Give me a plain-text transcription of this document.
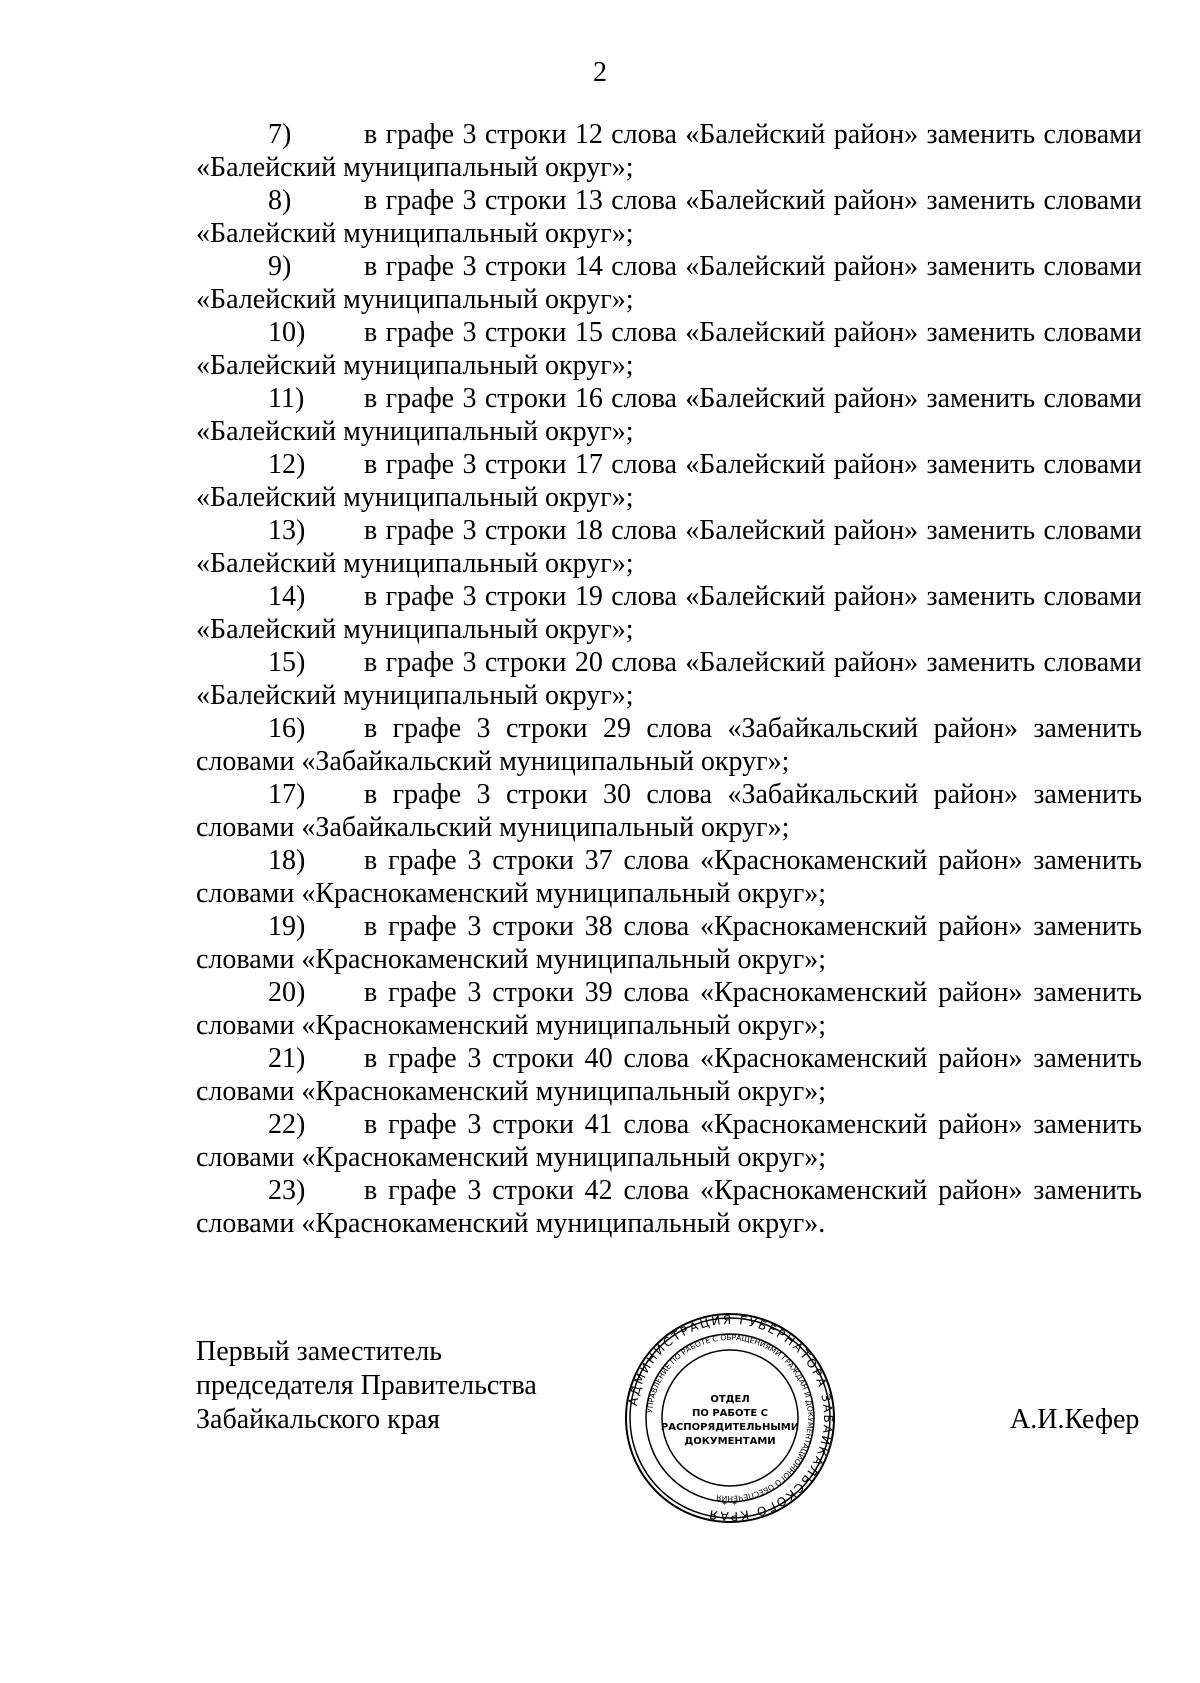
2
7)	в графе 3 строки 12 слова «Балейский район» заменить словами
«Балейский муниципальный округ»;
8)	в графе 3 строки 13 слова «Балейский район» заменить словами
«Балейский муниципальный округ»;
9)	в графе 3 строки 14 слова «Балейский район» заменить словами
«Балейский муниципальный округ»;
10)	в графе 3 строки 15 слова «Балейский район» заменить словами
«Балейский муниципальный округ»;
11)	в графе 3 строки 16 слова «Балейский район» заменить словами
«Балейский муниципальный округ»;
12)	в графе 3 строки 17 слова «Балейский район» заменить словами
«Балейский муниципальный округ»;
13)	в графе 3 строки 18 слова «Балейский район» заменить словами
«Балейский муниципальный округ»;
14)	в графе 3 строки 19 слова «Балейский район» заменить словами
«Балейский муниципальный округ»;
15)	в графе 3 строки 20 слова «Балейский район» заменить словами
«Балейский муниципальный округ»;
16)	в графе 3 строки 29 слова «Забайкальский район» заменить
словами «Забайкальский муниципальный округ»;
17)	в графе 3 строки 30 слова «Забайкальский район» заменить
словами «Забайкальский муниципальный округ»;
18)	в графе 3 строки 37 слова «Краснокаменский район» заменить
словами «Краснокаменский муниципальный округ»;
19)	в графе 3 строки 38 слова «Краснокаменский район» заменить
словами «Краснокаменский муниципальный округ»;
20)	в графе 3 строки 39 слова «Краснокаменский район» заменить
словами «Краснокаменский муниципальный округ»;
21)	в графе 3 строки 40 слова «Краснокаменский район» заменить
словами «Краснокаменский муниципальный округ»;
22)	в графе 3 строки 41 слова «Краснокаменский район» заменить
словами «Краснокаменский муниципальный округ»;
23)	в графе 3 строки 42 слова «Краснокаменский район» заменить
словами «Краснокаменский муниципальный округ».
Первый заместитель
председателя Правительства
Забайкальского края	А.И.Кефер
АДМИНИСТРАЦИЯ ГУБЕРНАТОРА ЗАБАЙКАЛЬСКОГО КРАЯ
УПРАВЛЕНИЕ ПО РАБОТЕ С ОБРАЩЕНИЯМИ ГРАЖДАН И ДОКУМЕНТАЦИОННОГО ОБЕСПЕЧЕНИЯ
ОТДЕЛ
ПО РАБОТЕ С
РАСПОРЯДИТЕЛЬНЫМИ
ДОКУМЕНТАМИ
* *
